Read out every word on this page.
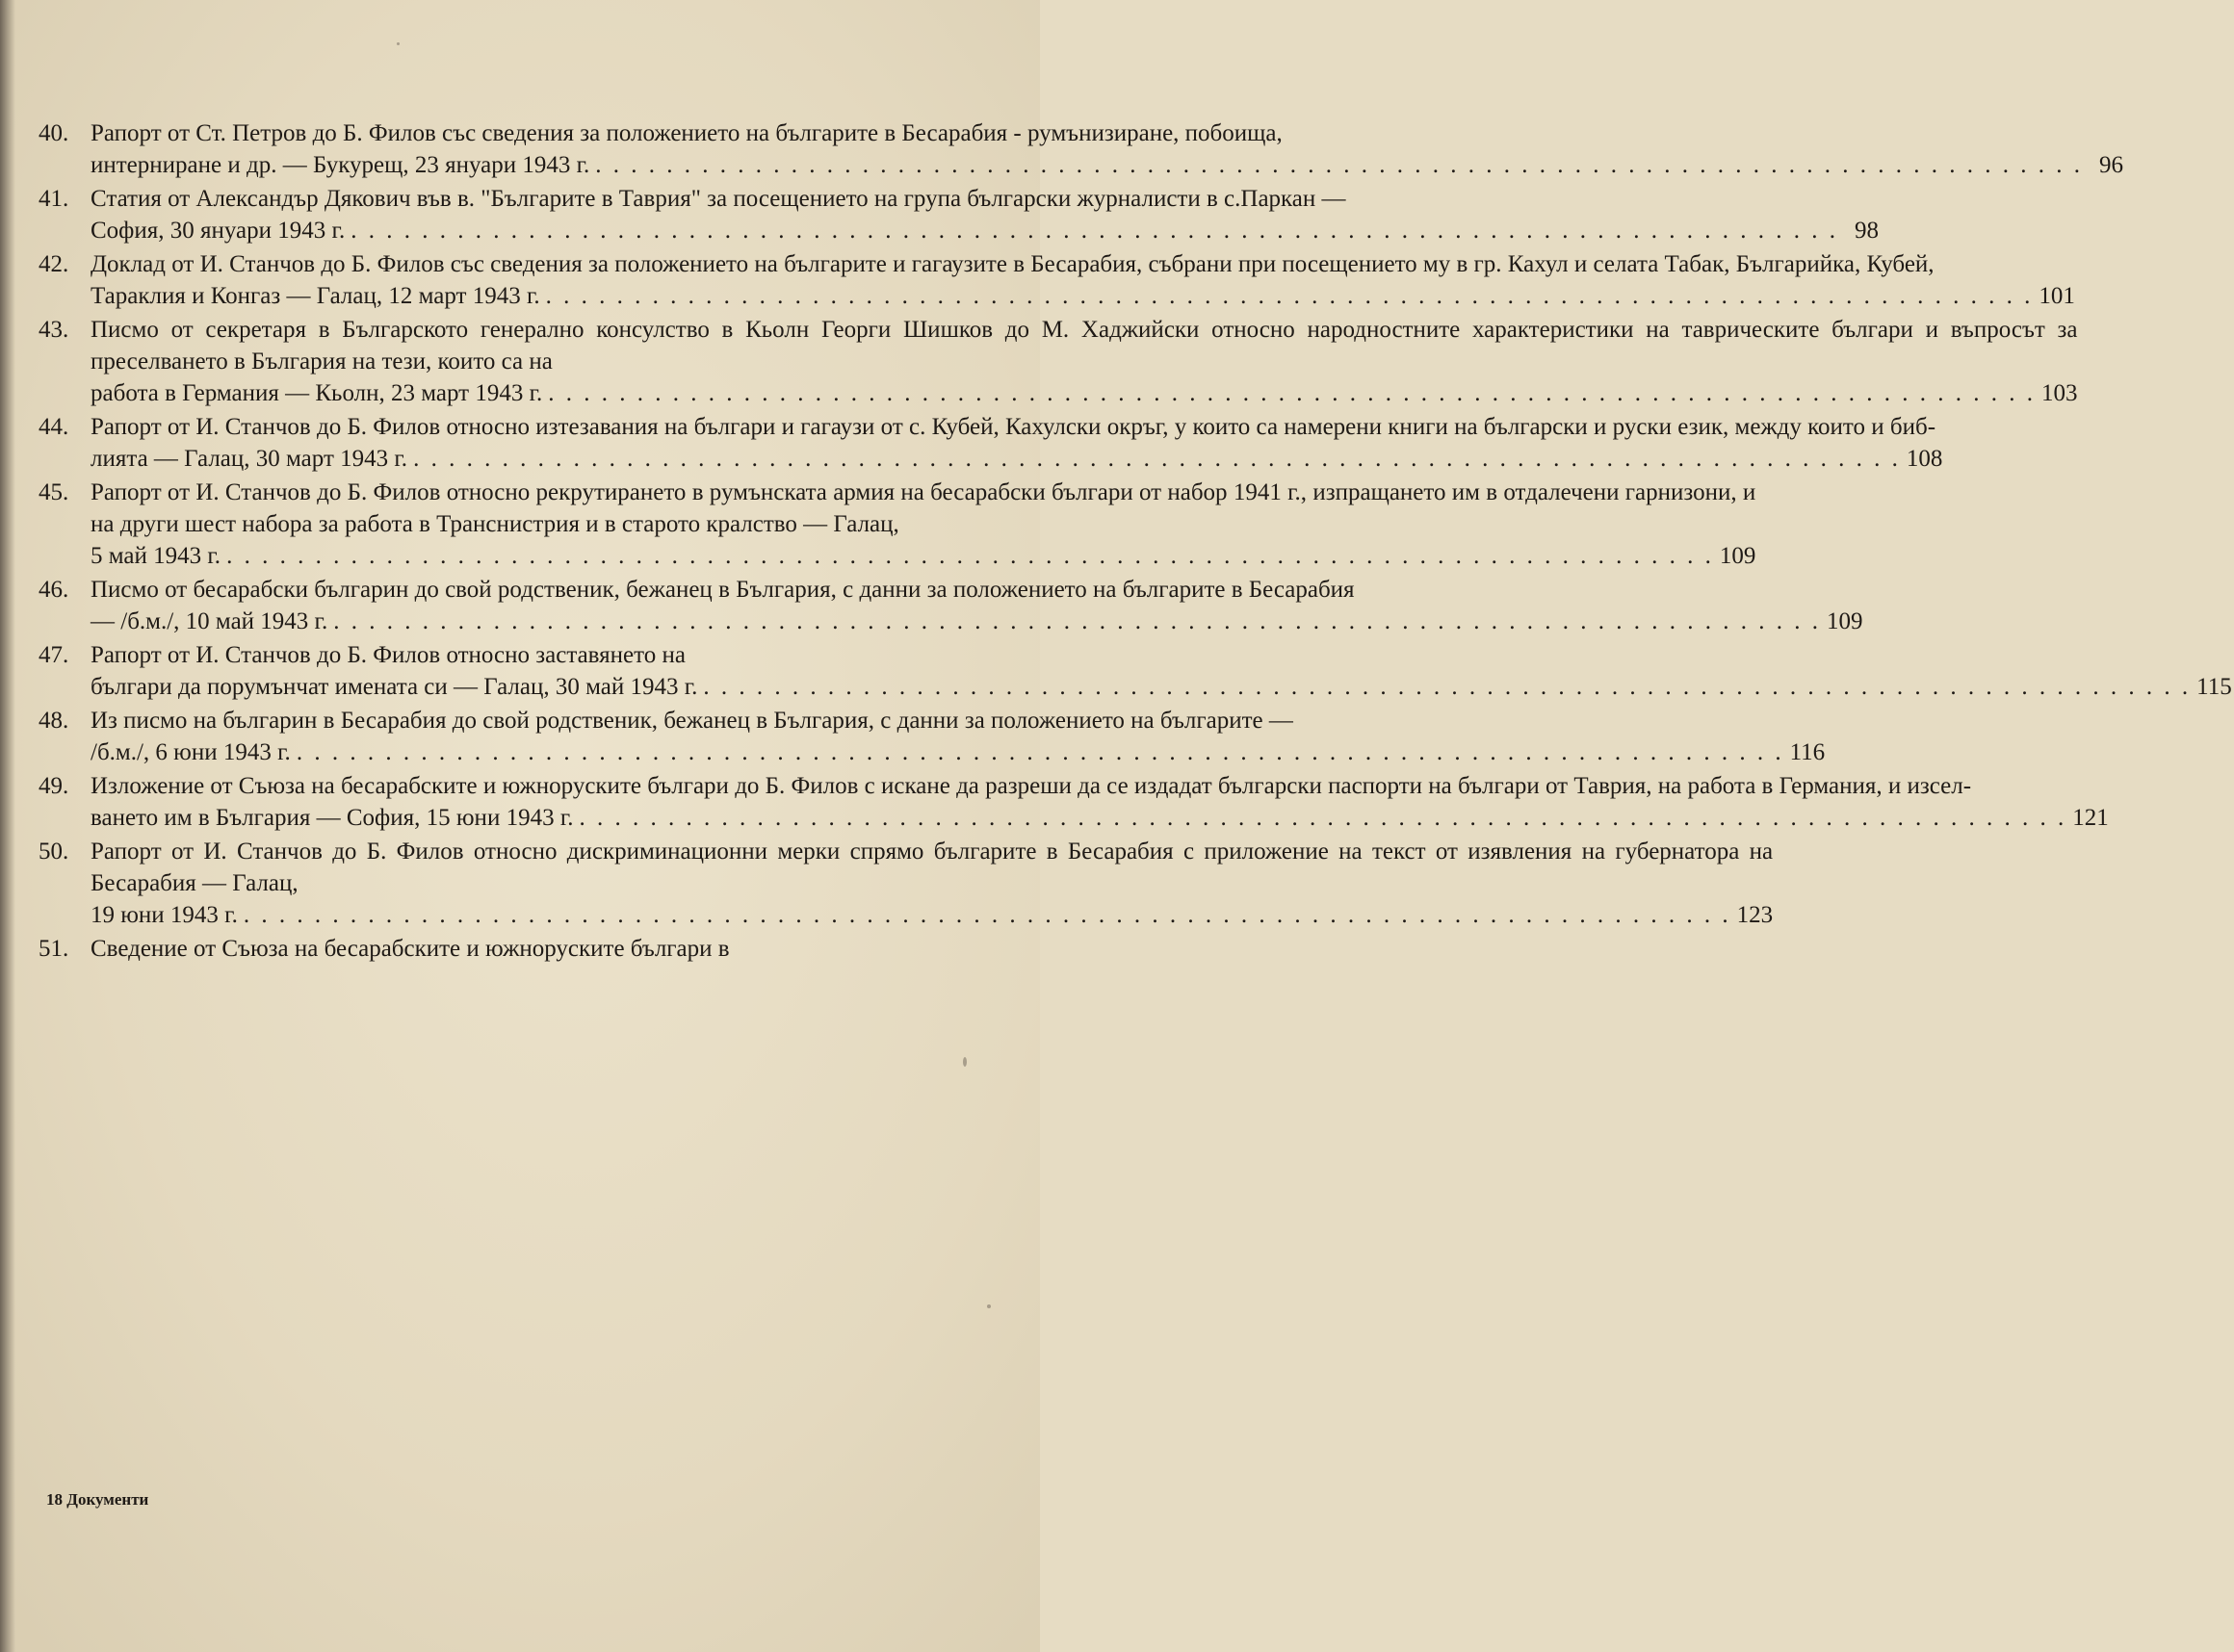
40. Рапорт от Ст. Петров до Б. Филов със сведения за положението на българите в Бесарабия - румънизиране, побоища,
интерниране и др. — Букурещ, 23 януари 1943 г. . . .	96
41. Статия от Александър Дякович във в. "Българите в Таврия" за посещението на група български журналисти в с.Паркан —
София, 30 януари 1943 г. . . .	98
42. Доклад от И. Станчов до Б. Филов със сведения за положението на българите и гагаузите в Бесарабия, събрани при посещението му в гр. Кахул и селата Табак, Българийка, Кубей,
Тараклия и Конгаз — Галац, 12 март 1943 г. . . .	101
43. Писмо от секретаря в Българското генерално консулство в Кьолн Георги Шишков до М. Хаджийски относно народностните характеристики на таврическите българи и въпросът за преселването в България на тези, които са на
работа в Германия — Кьолн, 23 март 1943 г. . . .	103
44. Рапорт от И. Станчов до Б. Филов относно изтезавания на българи и гагаузи от с. Кубей, Кахулски окръг, у които са намерени книги на български и руски език, между които и биб-
лията — Галац, 30 март 1943 г. . . .	108
45. Рапорт от И. Станчов до Б. Филов относно рекрутирането в румънската армия на бесарабски българи от набор 1941 г., изпращането им в отдалечени гарнизони, и на други шест набора за работа в Транснистрия и в старото кралство — Галац,
5 май 1943 г. . . .	109
46. Писмо от бесарабски българин до свой родственик, бежанец в България, с данни за положението на българите в Бесарабия
— /б.м./, 10 май 1943 г. . . .	109
47. Рапорт от И. Станчов до Б. Филов относно заставянето на
българи да порумънчат имената си — Галац, 30 май 1943 г. . . .	115
48. Из писмо на българин в Бесарабия до свой родственик, бежанец в България, с данни за положението на българите —
/б.м./, 6 юни 1943 г. . . .	116
49. Изложение от Съюза на бесарабските и южноруските българи до Б. Филов с искане да разреши да се издадат български паспорти на българи от Таврия, на работа в Германия, и изсел-
ването им в България — София, 15 юни 1943 г. . . .	121
50. Рапорт от И. Станчов до Б. Филов относно дискриминационни мерки спрямо българите в Бесарабия с приложение на текст от изявления на губернатора на Бесарабия — Галац,
19 юни 1943 г. . . .	123
51. Сведение от Съюза на бесарабските и южноруските българи в
18 Документи
